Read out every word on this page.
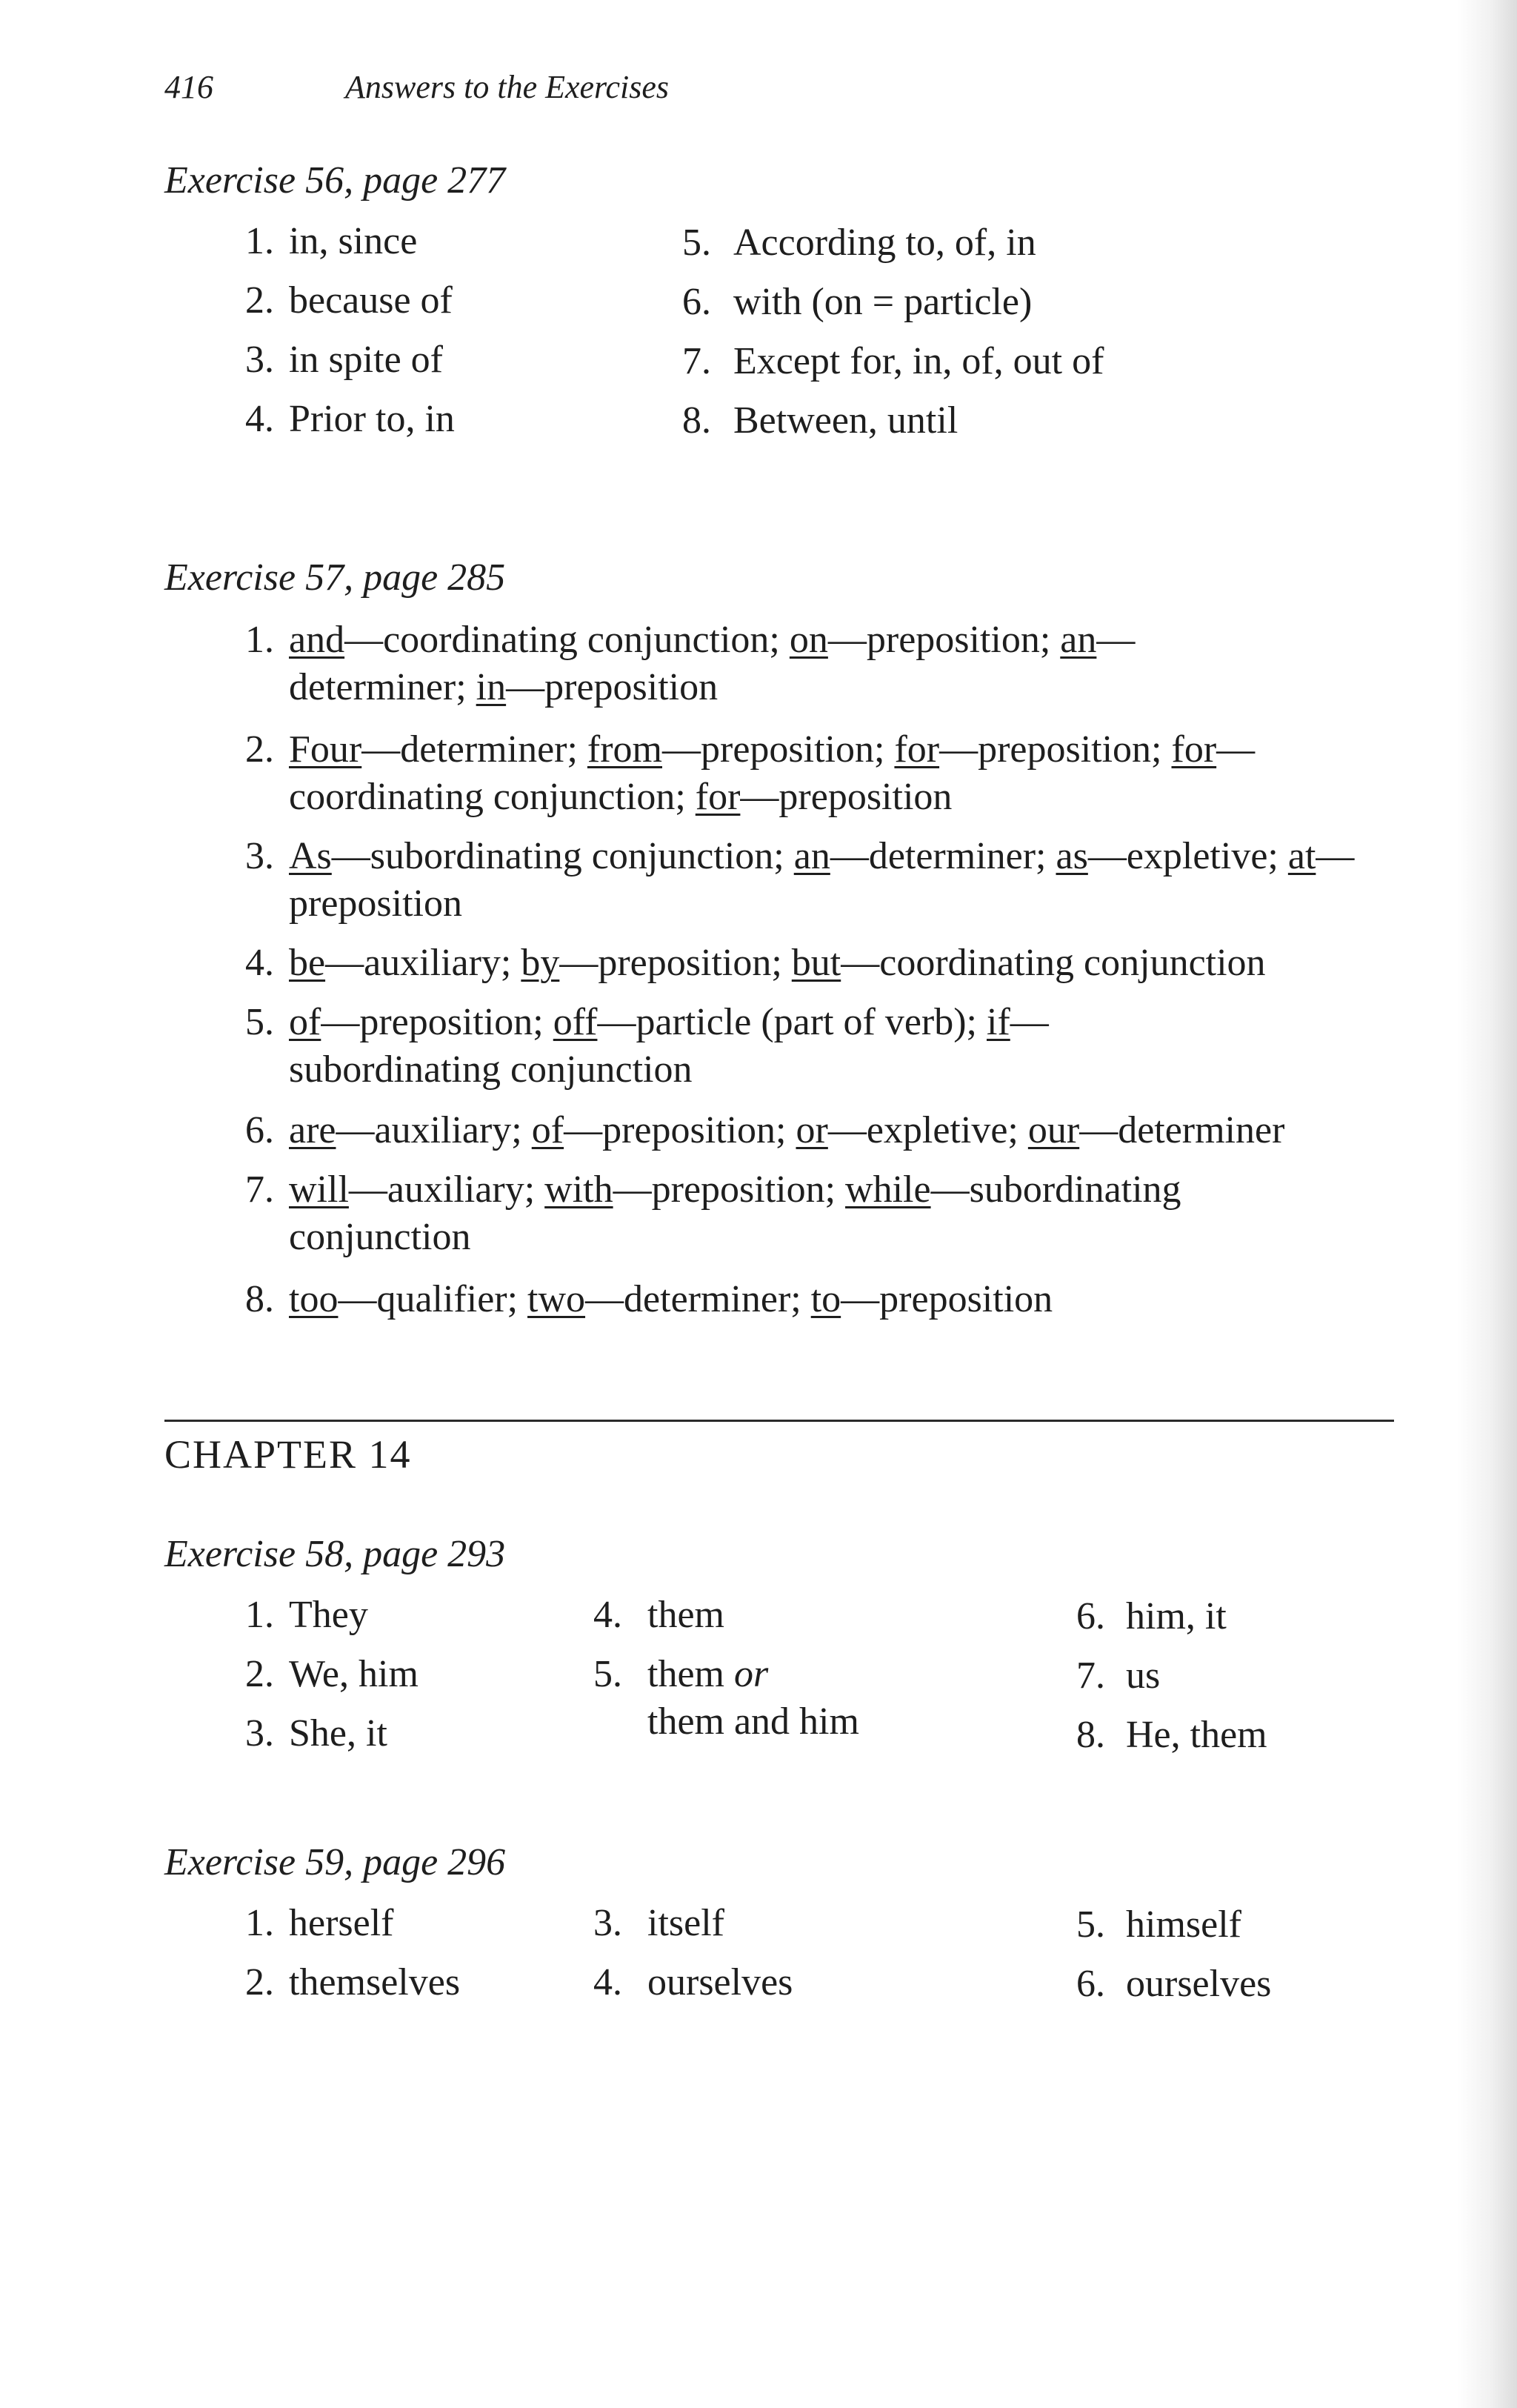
416	Answers to the Exercises
Exercise 56, page 277
1. in, since
2. because of
3. in spite of
4. Prior to, in
5. According to, of, in
6. with (on = particle)
7. Except for, in, of, out of
8. Between, until
Exercise 57, page 285
1. and—coordinating conjunction; on—preposition; an—determiner; in—preposition
2. Four—determiner; from—preposition; for—preposition; for—coordinating conjunction; for—preposition
3. As—subordinating conjunction; an—determiner; as—expletive; at—preposition
4. be—auxiliary; by—preposition; but—coordinating conjunction
5. of—preposition; off—particle (part of verb); if—subordinating conjunction
6. are—auxiliary; of—preposition; or—expletive; our—determiner
7. will—auxiliary; with—preposition; while—subordinating conjunction
8. too—qualifier; two—determiner; to—preposition
CHAPTER 14
Exercise 58, page 293
1. They
2. We, him
3. She, it
4. them
5. them or
them and him
6. him, it
7. us
8. He, them
Exercise 59, page 296
1. herself
2. themselves
3. itself
4. ourselves
5. himself
6. ourselves
